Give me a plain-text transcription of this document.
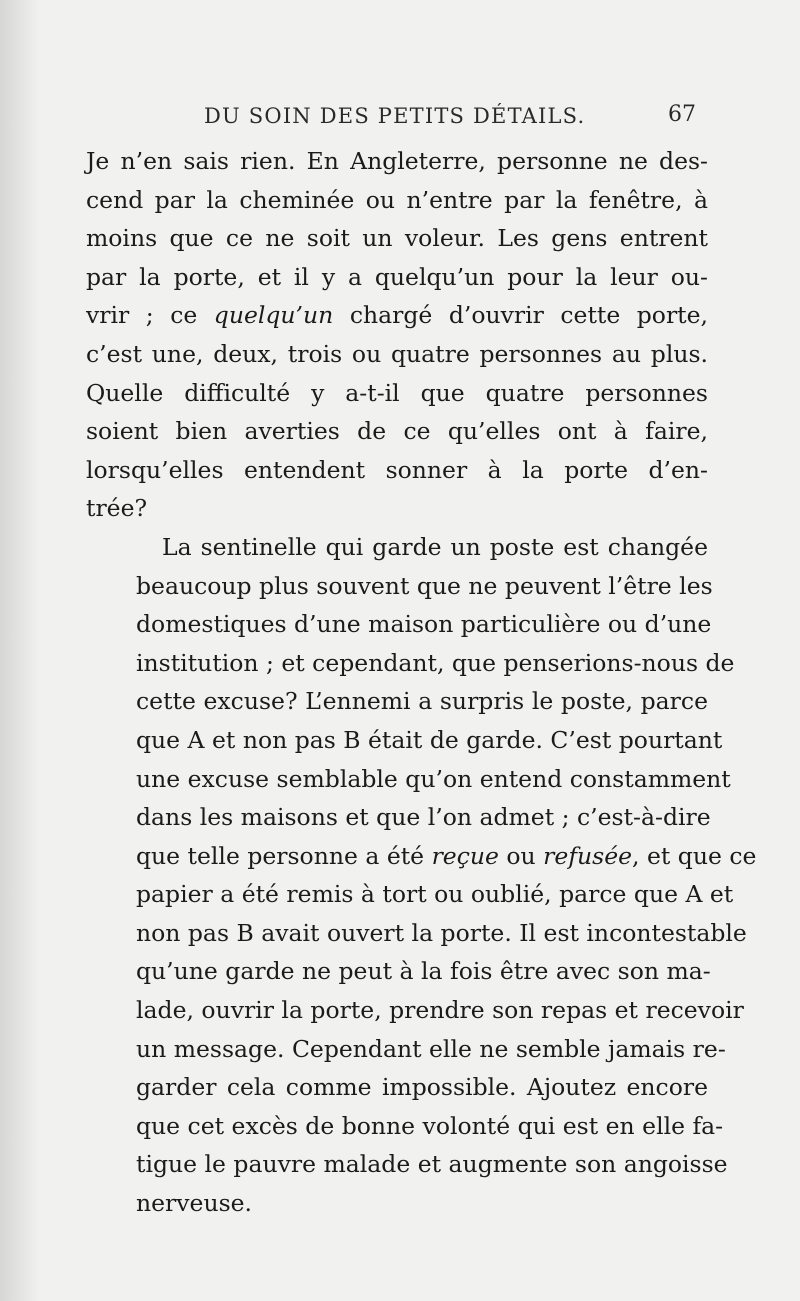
DU SOIN DES PETITS DÉTAILS.	67

Je n’en sais rien. En Angleterre, personne ne des-
cend par la cheminée ou n’entre par la fenêtre, à
moins que ce ne soit un voleur. Les gens entrent
par la porte, et il y a quelqu’un pour la leur ou-
vrir ; ce quelqu’un chargé d’ouvrir cette porte,
c’est une, deux, trois ou quatre personnes au plus.
Quelle difficulté y a-t-il que quatre personnes
soient bien averties de ce qu’elles ont à faire,
lorsqu’elles entendent sonner à la porte d’en-
trée?

La sentinelle qui garde un poste est changée
beaucoup plus souvent que ne peuvent l’être les
domestiques d’une maison particulière ou d’une
institution ; et cependant, que penserions-nous de
cette excuse? L’ennemi a surpris le poste, parce
que A et non pas B était de garde. C’est pourtant
une excuse semblable qu’on entend constamment
dans les maisons et que l’on admet ; c’est-à-dire
que telle personne a été reçue ou refusée, et que ce
papier a été remis à tort ou oublié, parce que A et
non pas B avait ouvert la porte. Il est incontestable
qu’une garde ne peut à la fois être avec son ma-
lade, ouvrir la porte, prendre son repas et recevoir
un message. Cependant elle ne semble jamais re-
garder cela comme impossible. Ajoutez encore
que cet excès de bonne volonté qui est en elle fa-
tigue le pauvre malade et augmente son angoisse
nerveuse.
